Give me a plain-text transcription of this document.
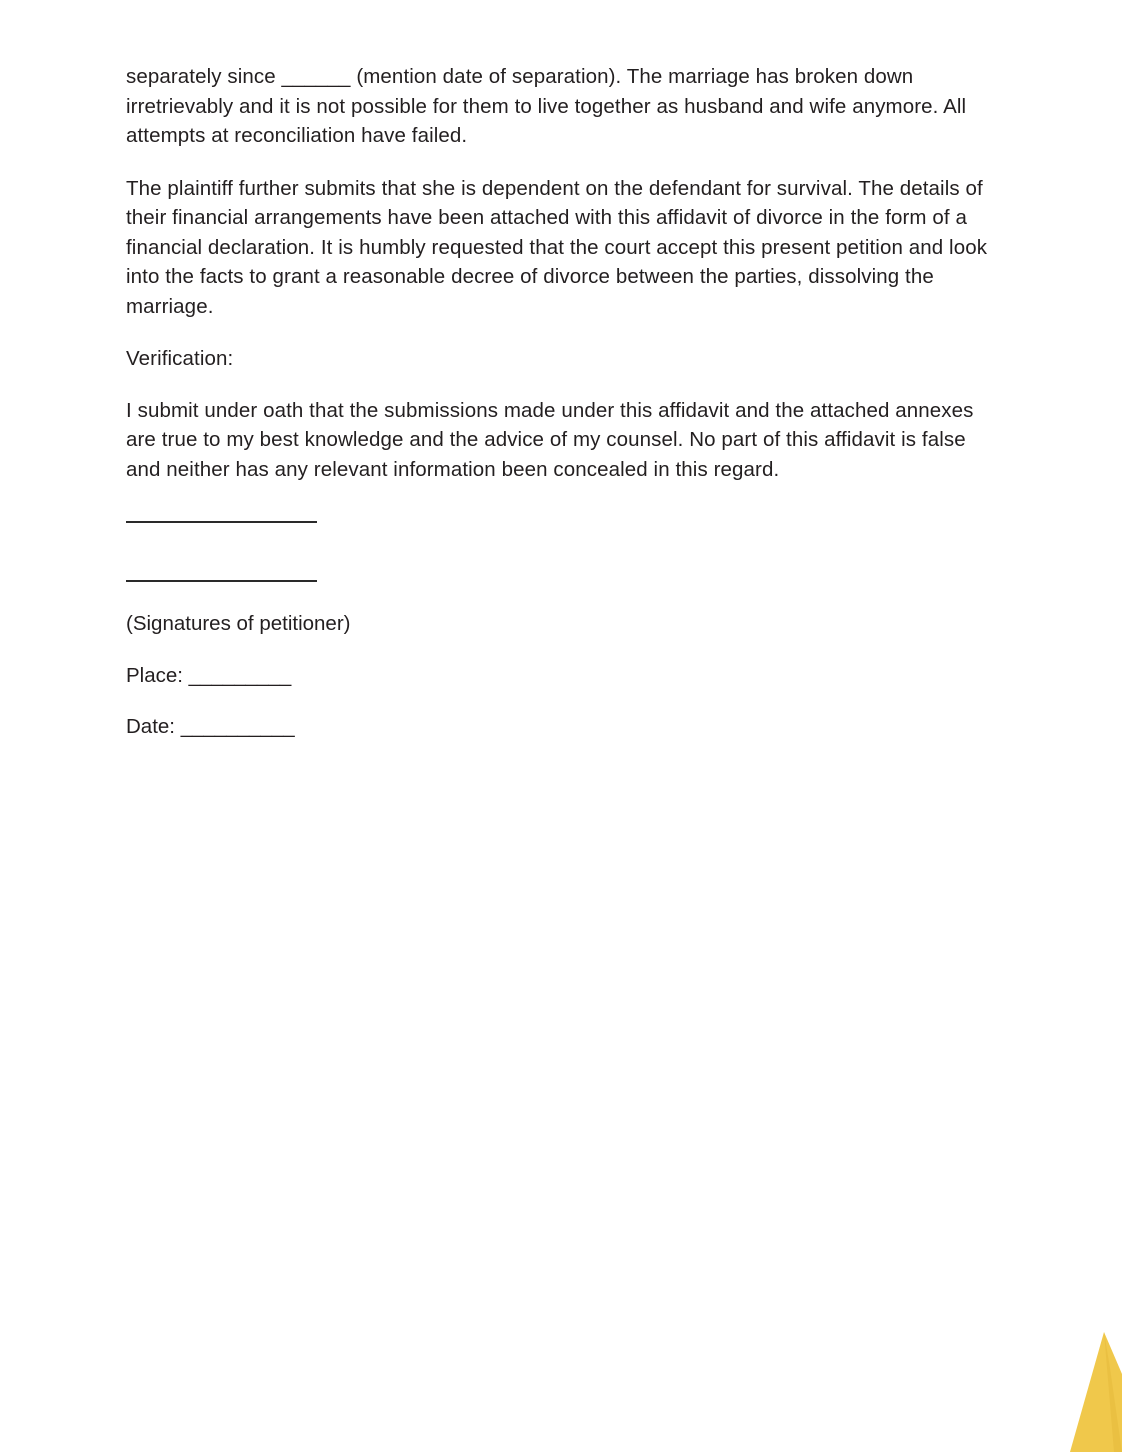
separately since ______ (mention date of separation). The marriage has broken down irretrievably and it is not possible for them to live together as husband and wife anymore. All attempts at reconciliation have failed.

The plaintiff further submits that she is dependent on the defendant for survival. The details of their financial arrangements have been attached with this affidavit of divorce in the form of a financial declaration. It is humbly requested that the court accept this present petition and look into the facts to grant a reasonable decree of divorce between the parties, dissolving the marriage.

Verification:

I submit under oath that the submissions made under this affidavit and the attached annexes are true to my best knowledge and the advice of my counsel. No part of this affidavit is false and neither has any relevant information been concealed in this regard.

(Signatures of petitioner)
Place: _________
Date: __________
